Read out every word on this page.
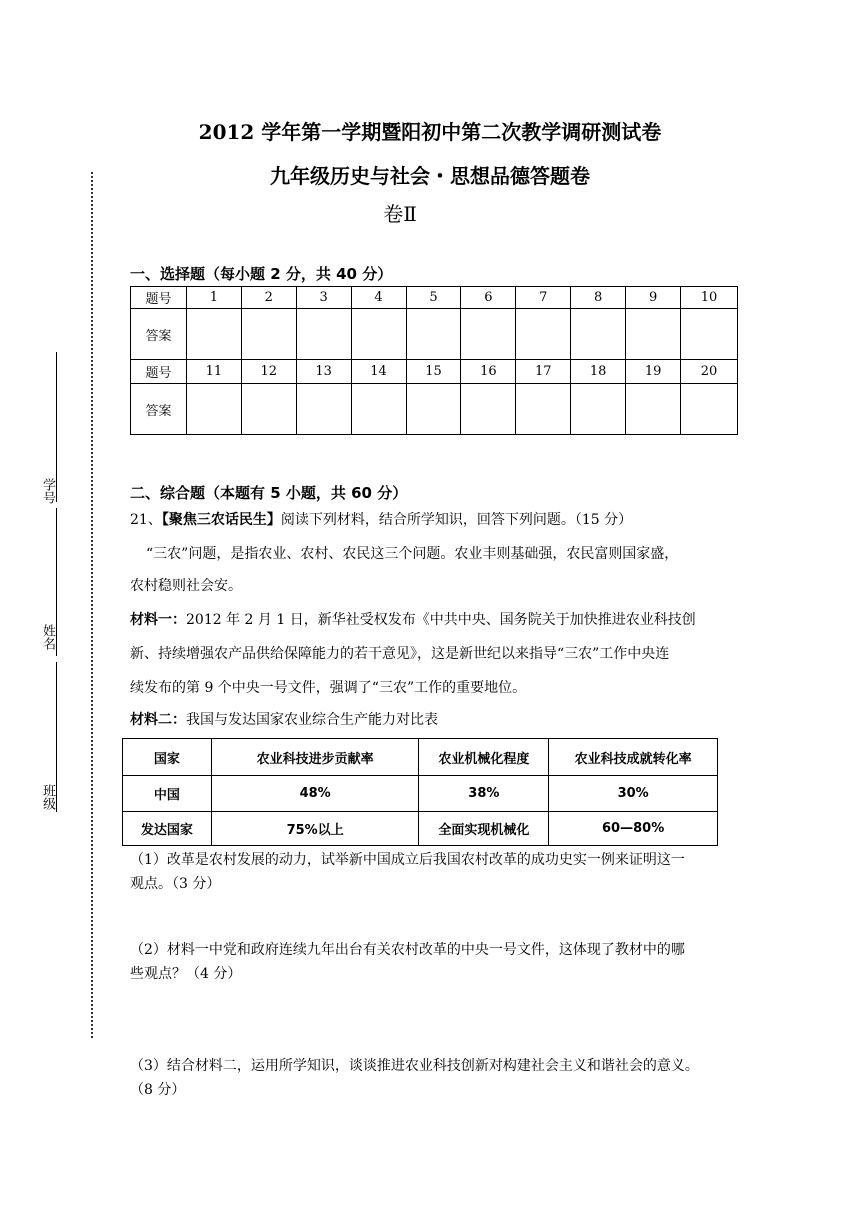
2012 学年第一学期暨阳初中第二次教学调研测试卷
九年级历史与社会・思想品德答题卷
卷Ⅱ
学号
姓名
班级
一、选择题（每小题 2 分，共 40 分）
题号	1	2	3	4	5	6	7	8	9	10
答案										
题号	11	12	13	14	15	16	17	18	19	20
答案										
二、综合题（本题有 5 小题，共 60 分）
21、【聚焦三农话民生】阅读下列材料，结合所学知识，回答下列问题。（15 分）
“三农”问题，是指农业、农村、农民这三个问题。农业丰则基础强，农民富则国家盛，
农村稳则社会安。
材料一：2012 年 2 月 1 日，新华社受权发布《中共中央、国务院关于加快推进农业科技创
新、持续增强农产品供给保障能力的若干意见》，这是新世纪以来指导“三农”工作中央连
续发布的第 9 个中央一号文件，强调了“三农”工作的重要地位。
材料二：我国与发达国家农业综合生产能力对比表
国家	农业科技进步贡献率	农业机械化程度	农业科技成就转化率
中国	48%	38%	30%
发达国家	75%以上	全面实现机械化	60—80%
（1）改革是农村发展的动力，试举新中国成立后我国农村改革的成功史实一例来证明这一
观点。（3 分）
（2）材料一中党和政府连续九年出台有关农村改革的中央一号文件，这体现了教材中的哪
些观点？（4 分）
（3）结合材料二，运用所学知识，谈谈推进农业科技创新对构建社会主义和谐社会的意义。
（8 分）
